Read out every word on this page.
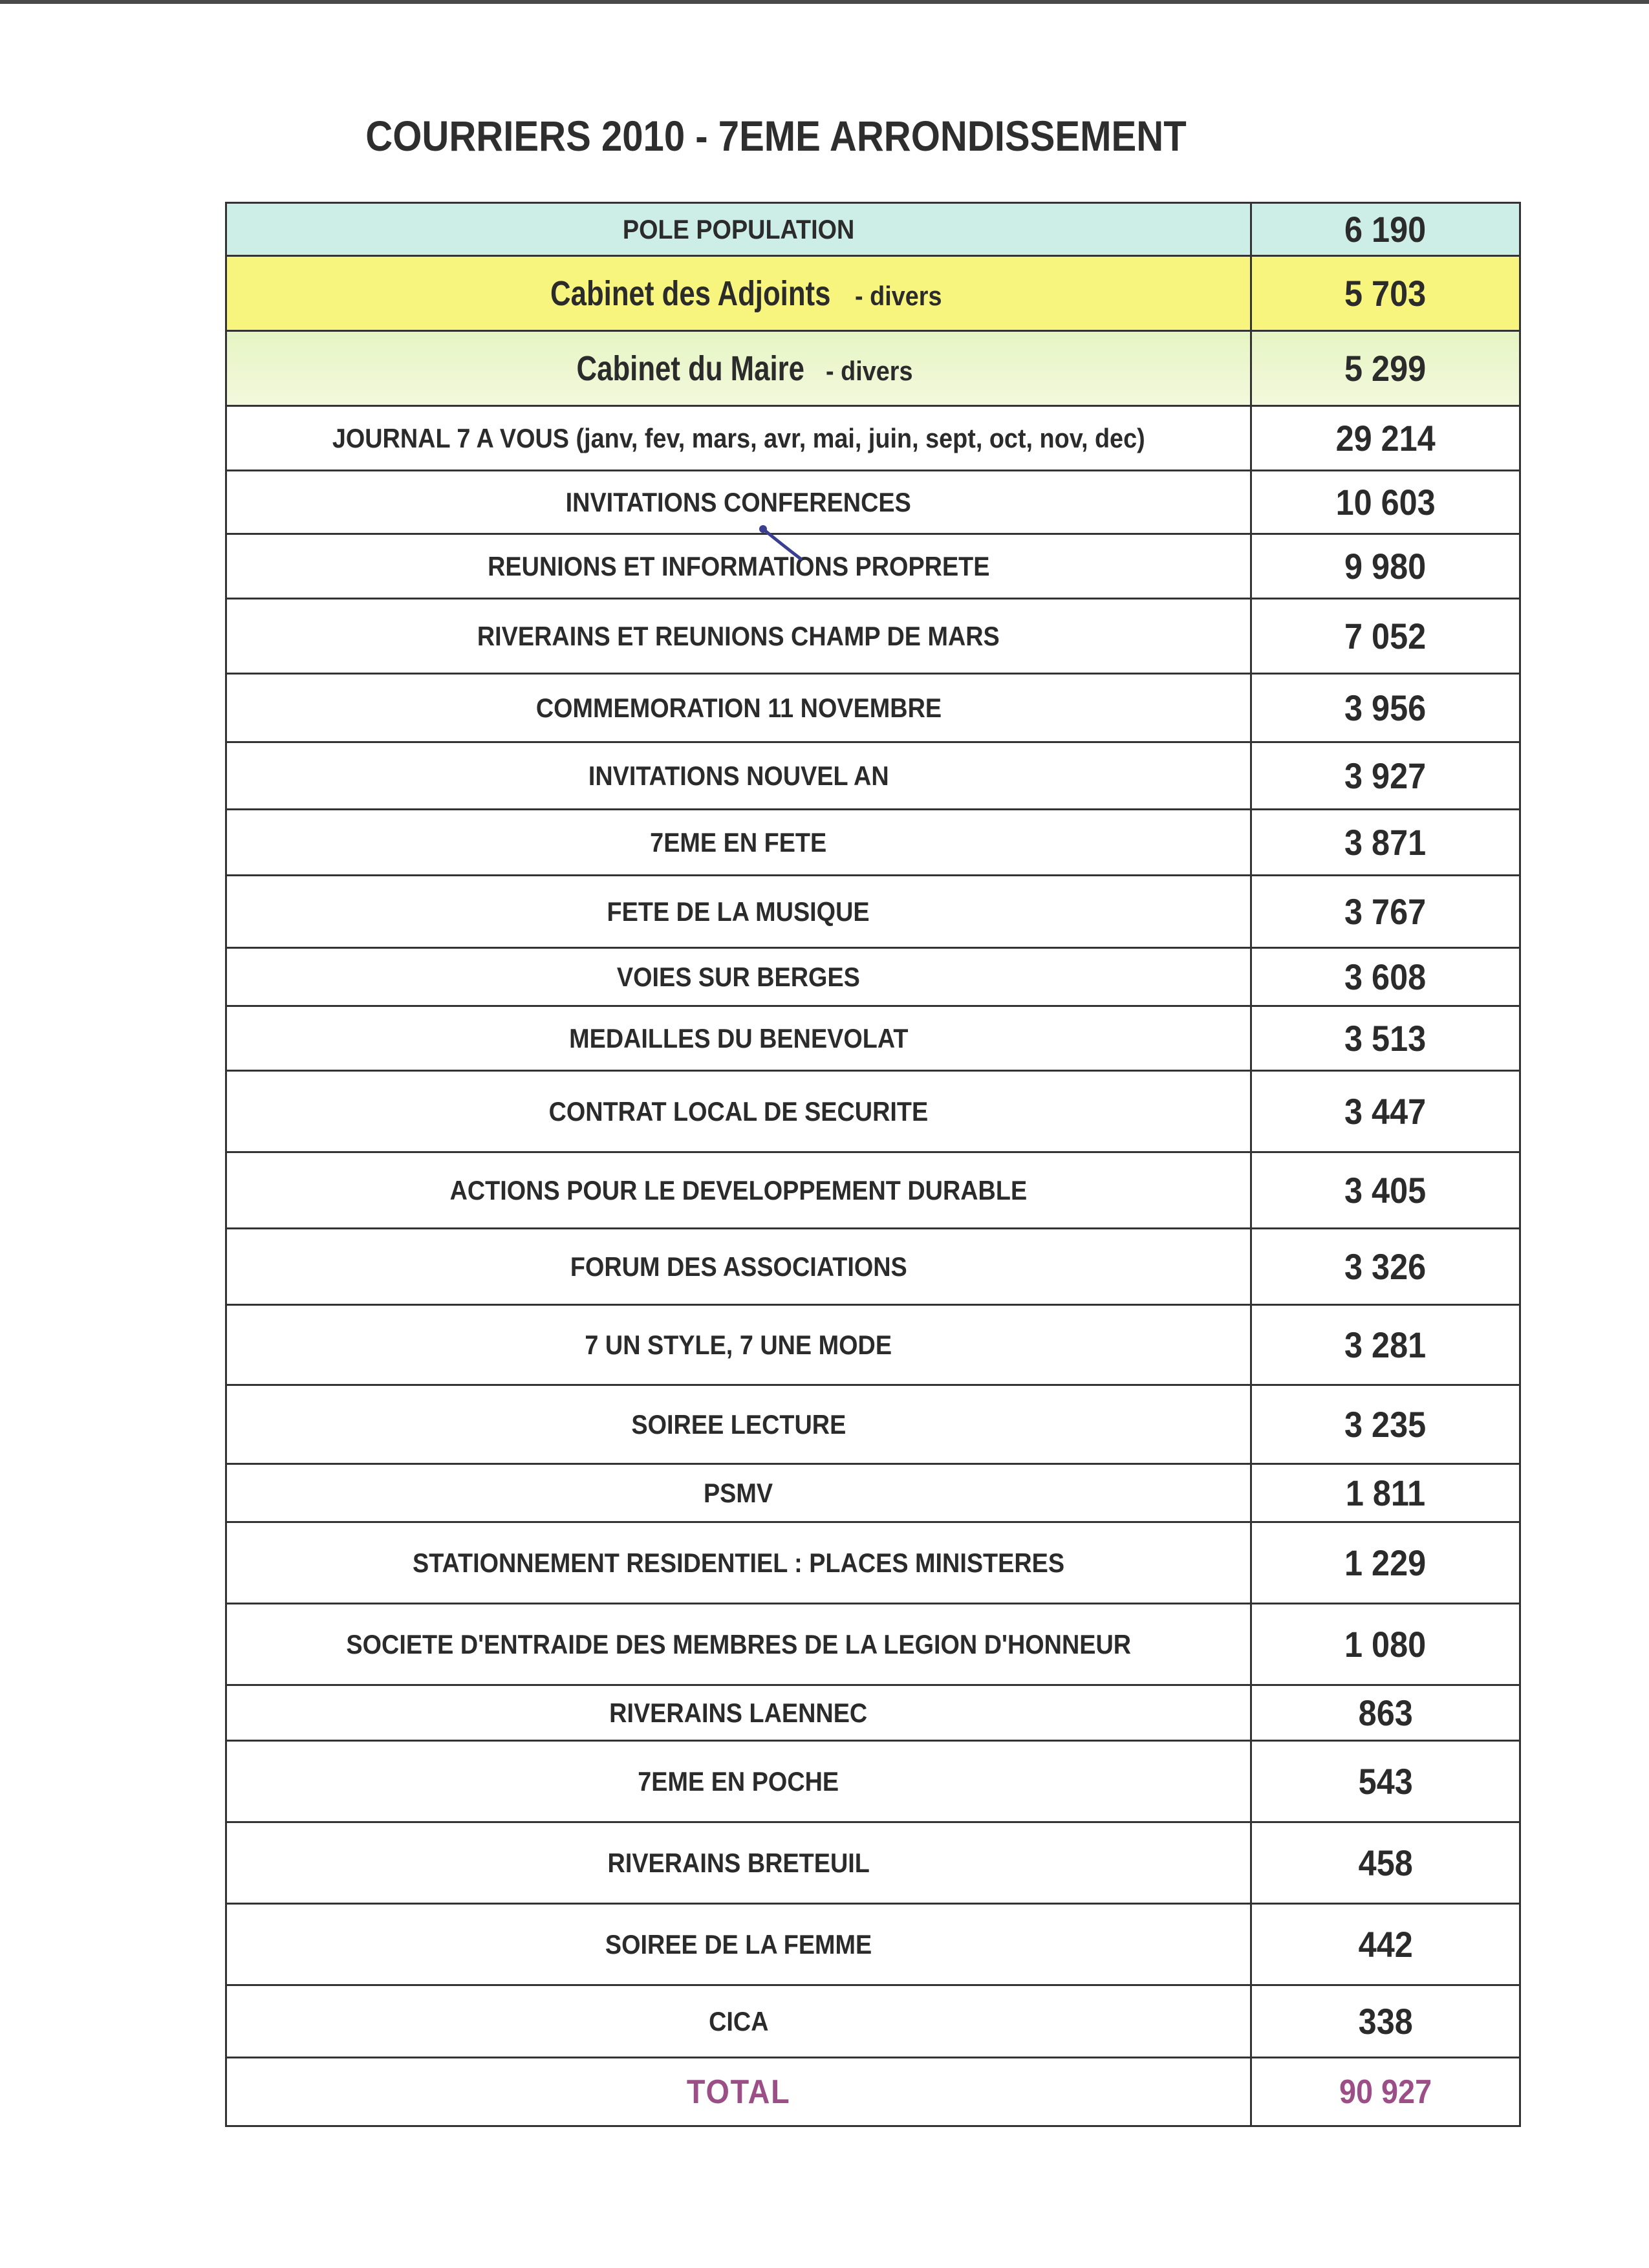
COURRIERS 2010 - 7EME ARRONDISSEMENT
POLE POPULATION	6 190
Cabinet des Adjoints - divers	5 703
Cabinet du Maire - divers	5 299
JOURNAL 7 A VOUS (janv, fev, mars, avr, mai, juin, sept, oct, nov, dec)	29 214
INVITATIONS CONFERENCES	10 603
REUNIONS ET INFORMATIONS PROPRETE	9 980
RIVERAINS ET REUNIONS CHAMP DE MARS	7 052
COMMEMORATION 11 NOVEMBRE	3 956
INVITATIONS NOUVEL AN	3 927
7EME EN FETE	3 871
FETE DE LA MUSIQUE	3 767
VOIES SUR BERGES	3 608
MEDAILLES DU BENEVOLAT	3 513
CONTRAT LOCAL DE SECURITE	3 447
ACTIONS POUR LE DEVELOPPEMENT DURABLE	3 405
FORUM DES ASSOCIATIONS	3 326
7 UN STYLE, 7 UNE MODE	3 281
SOIREE LECTURE	3 235
PSMV	1 811
STATIONNEMENT RESIDENTIEL : PLACES MINISTERES	1 229
SOCIETE D'ENTRAIDE DES MEMBRES DE LA LEGION D'HONNEUR	1 080
RIVERAINS LAENNEC	863
7EME EN POCHE	543
RIVERAINS BRETEUIL	458
SOIREE DE LA FEMME	442
CICA	338
TOTAL	90 927
